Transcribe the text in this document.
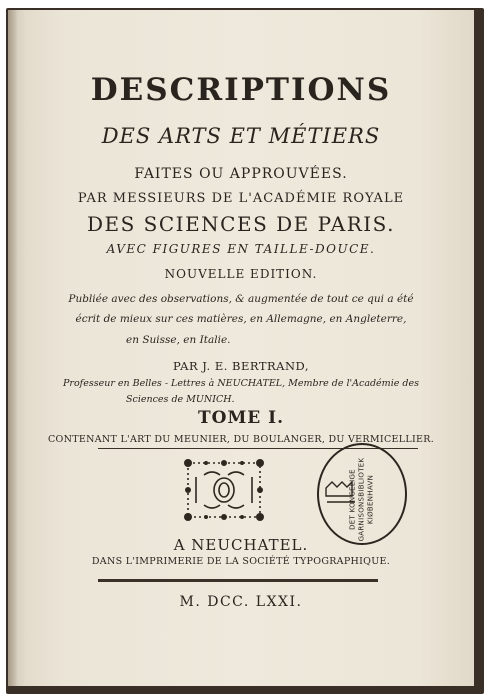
DESCRIPTIONS
DES ARTS ET MÉTIERS
FAITES OU APPROUVÉES.
PAR MESSIEURS DE L'ACADÉMIE ROYALE
DES SCIENCES DE PARIS.
AVEC FIGURES EN TAILLE-DOUCE.
NOUVELLE EDITION.
Publiée avec des observations, & augmentée de tout ce qui a été
écrit de mieux sur ces matières, en Allemagne, en Angleterre,
en Suisse, en Italie.
PAR J. E. BERTRAND,
Professeur en Belles - Lettres à NEUCHATEL, Membre de l'Académie des
Sciences de MUNICH.
TOME I.
CONTENANT L'ART DU MEUNIER, DU BOULANGER, DU VERMICELLIER.
DET KONGELIGE GARNISONSBIBLIOTEK KIØBENHAVN
A NEUCHATEL.
DANS L'IMPRIMERIE DE LA SOCIÉTÉ TYPOGRAPHIQUE.
M. DCC. LXXI.
